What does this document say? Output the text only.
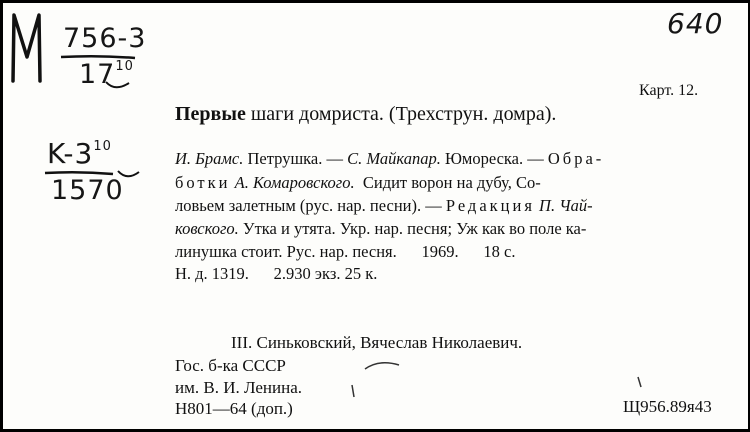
756-3
$17^{10}$
$K-3^{10}$
1570
640
Карт. 12.
Первые шаги домриста. (Трехструн. домра).
И. Брамс. Петрушка. — С. Майкапар. Юмореска. — Обра-
ботки А. Комаровского.  Сидит ворон на дубу, Со-
ловьем залетным (рус. нар. песни). — Редакция П. Чай-
ковского. Утка и утята. Укр. нар. песня; Уж как во поле ка-
линушка стоит. Рус. нар. песня.      1969.      18 с.
Н. д. 1319.      2.930 экз. 25 к.
III. Синьковский, Вячеслав Николаевич.
Гос. б-ка СССР
им. В. И. Ленина.
Н801—64 (доп.)	Щ956.89я43
